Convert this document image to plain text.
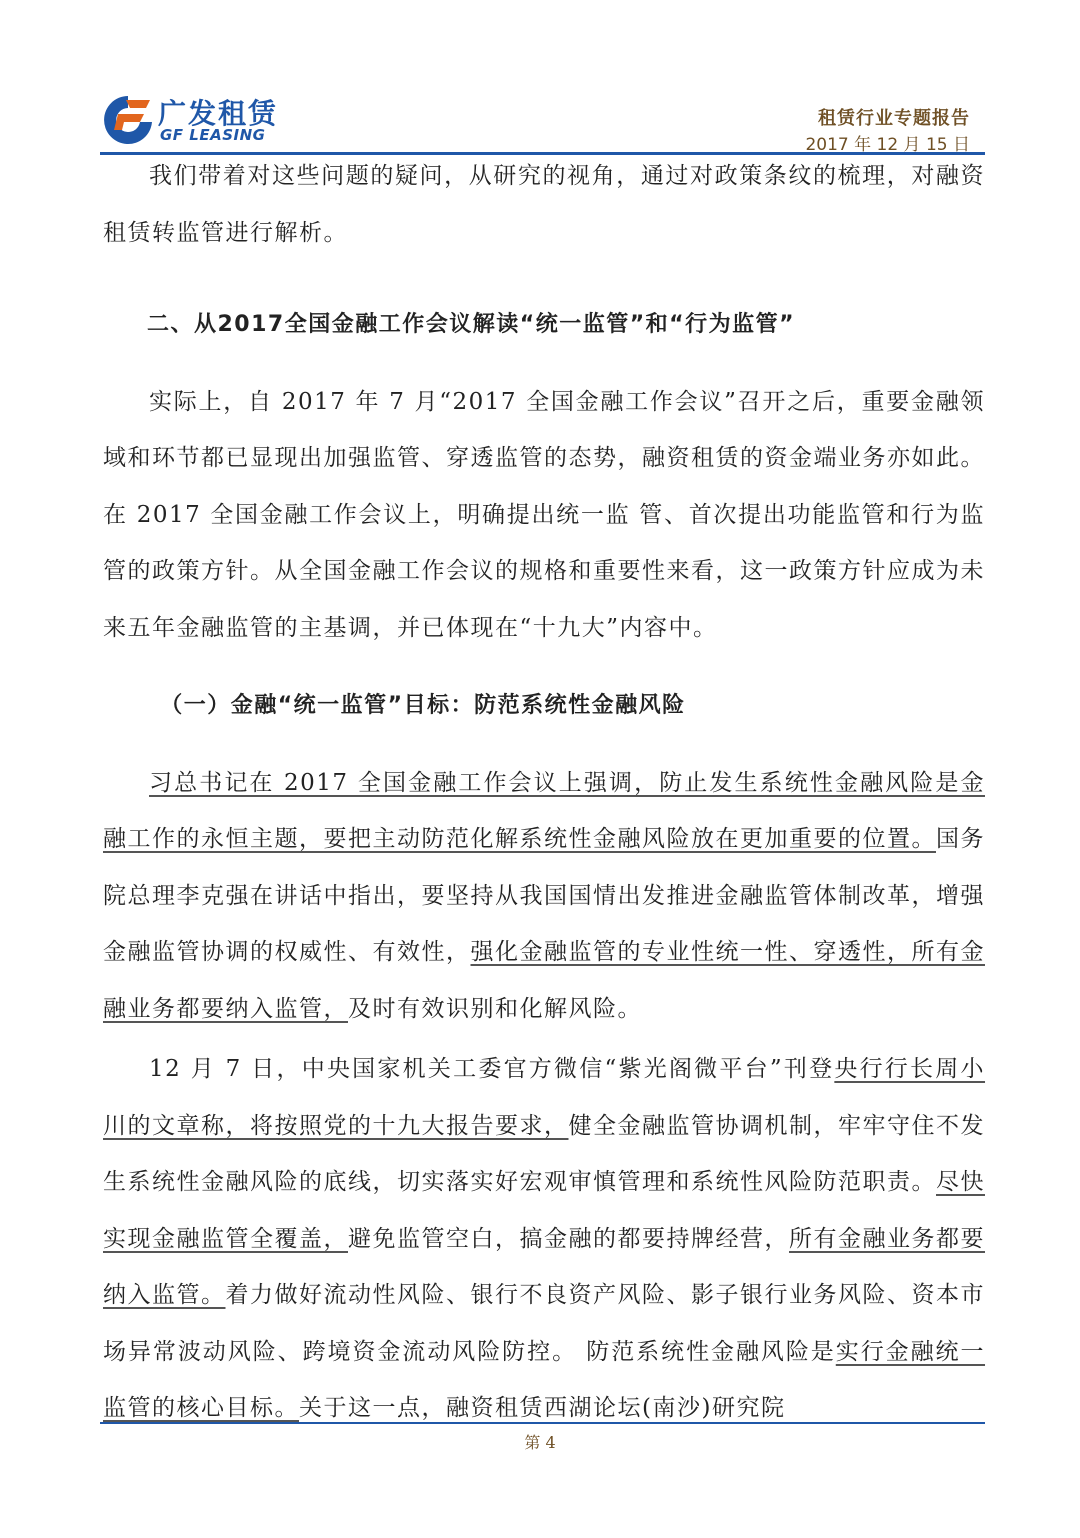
广发租赁
GF LEASING
租赁行业专题报告
2017 年 12 月 15 日

我们带着对这些问题的疑问，从研究的视角，通过对政策条纹的梳理，对融资租赁转监管进行解析。

二、从2017全国金融工作会议解读“统一监管”和“行为监管”

实际上，自 2017 年 7 月“2017 全国金融工作会议”召开之后，重要金融领域和环节都已显现出加强监管、穿透监管的态势，融资租赁的资金端业务亦如此。在 2017 全国金融工作会议上，明确提出统一监 管、首次提出功能监管和行为监管的政策方针。从全国金融工作会议的规格和重要性来看，这一政策方针应成为未来五年金融监管的主基调，并已体现在“十九大”内容中。

（一）金融“统一监管”目标：防范系统性金融风险

习总书记在 2017 全国金融工作会议上强调，防止发生系统性金融风险是金融工作的永恒主题，要把主动防范化解系统性金融风险放在更加重要的位置。国务院总理李克强在讲话中指出，要坚持从我国国情出发推进金融监管体制改革，增强金融监管协调的权威性、有效性，强化金融监管的专业性统一性、穿透性，所有金融业务都要纳入监管，及时有效识别和化解风险。

12 月 7 日，中央国家机关工委官方微信“紫光阁微平台”刊登央行行长周小川的文章称，将按照党的十九大报告要求，健全金融监管协调机制，牢牢守住不发生系统性金融风险的底线，切实落实好宏观审慎管理和系统性风险防范职责。尽快实现金融监管全覆盖，避免监管空白，搞金融的都要持牌经营，所有金融业务都要纳入监管。着力做好流动性风险、银行不良资产风险、影子银行业务风险、资本市场异常波动风险、跨境资金流动风险防控。 防范系统性金融风险是实行金融统一监管的核心目标。关于这一点，融资租赁西湖论坛(南沙)研究院

第 4
